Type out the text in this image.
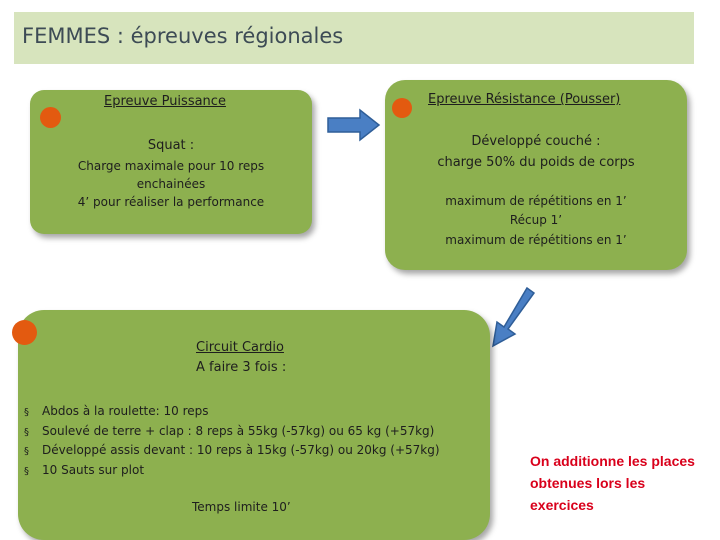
FEMMES : épreuves régionales
Epreuve Puissance
Squat :
Charge maximale pour 10 reps
enchainées
4’ pour réaliser la performance
Epreuve Résistance (Pousser)
Développé couché :
charge 50% du poids de corps
maximum de répétitions en 1’
Récup 1’
maximum de répétitions en 1’
Circuit Cardio
A faire 3 fois :
§ Abdos à la roulette: 10 reps
§ Soulevé de terre + clap : 8 reps à 55kg (-57kg) ou 65 kg (+57kg)
§ Développé assis devant : 10 reps à 15kg (-57kg) ou 20kg (+57kg)
§ 10 Sauts sur plot
Temps limite 10’
On additionne les places
obtenues lors les
exercices
